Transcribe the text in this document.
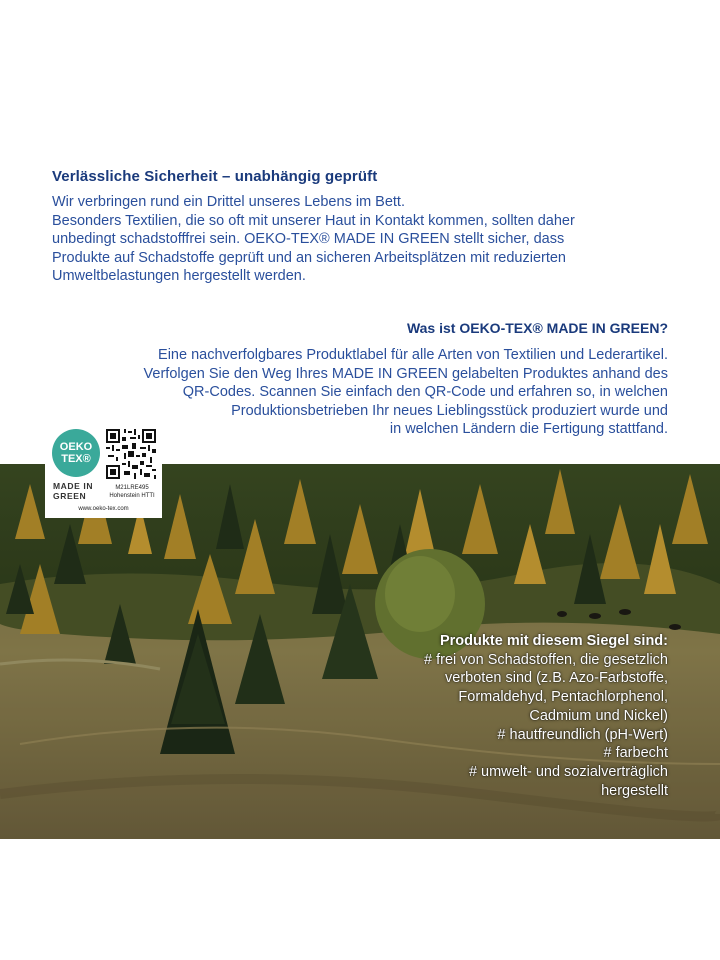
Verlässliche Sicherheit – unabhängig geprüft
Wir verbringen rund ein Drittel unseres Lebens im Bett.
Besonders Textilien, die so oft mit unserer Haut in Kontakt kommen, sollten daher
unbedingt schadstofffrei sein. OEKO-TEX® MADE IN GREEN stellt sicher, dass
Produkte auf Schadstoffe geprüft und an sicheren Arbeitsplätzen mit reduzierten
Umweltbelastungen hergestellt werden.
Was ist OEKO-TEX® MADE IN GREEN?
Eine nachverfolgbares Produktlabel für alle Arten von Textilien und Lederartikel.
Verfolgen Sie den Weg Ihres MADE IN GREEN gelabelten Produktes anhand des
QR-Codes. Scannen Sie einfach den QR-Code und erfahren so, in welchen
Produktionsbetrieben Ihr neues Lieblingsstück produziert wurde und
in welchen Ländern die Fertigung stattfand.
OEKO
TEX®
MADE IN
GREEN
M21LRE495
Hohenstein HTTI
www.oeko-tex.com
Produkte mit diesem Siegel sind:
# frei von Schadstoffen, die gesetzlich
verboten sind (z.B. Azo-Farbstoffe,
Formaldehyd, Pentachlorphenol,
Cadmium und Nickel)
# hautfreundlich (pH-Wert)
# farbecht
# umwelt- und sozialverträglich
hergestellt
